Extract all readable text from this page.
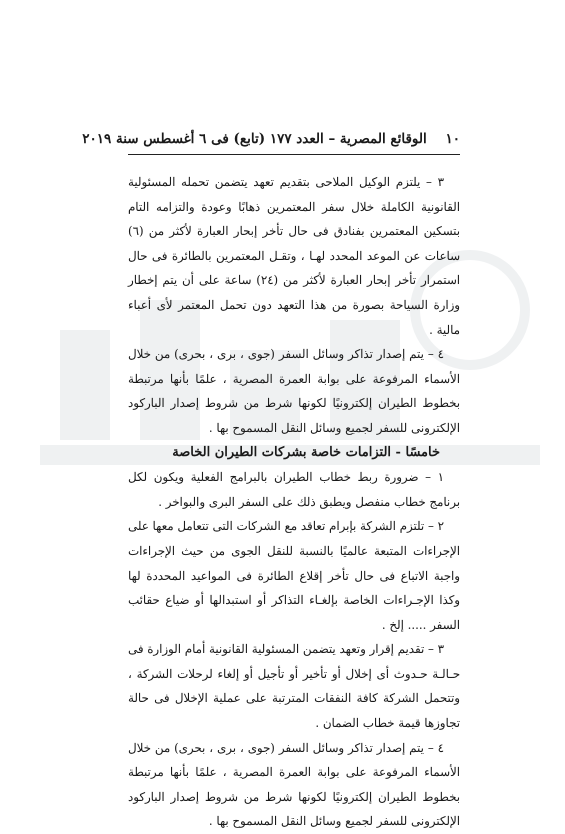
١٠ الوقائع المصرية – العدد ١٧٧ (تابع) فى ٦ أغسطس سنة ٢٠١٩

٣ – يلتزم الوكيل الملاحى بتقديم تعهد يتضمن تحمله المسئولية القانونية الكاملة خلال سفر المعتمرين ذهابًا وعودة والتزامه التام بتسكين المعتمرين بفنادق فى حال تأخر إبحار العبارة لأكثر من (٦) ساعات عن الموعد المحدد لهـا ، وتقـل المعتمرين بالطائرة فى حال استمرار تأخر إبحار العبارة لأكثر من (٢٤) ساعة على أن يتم إخطار وزارة السياحة بصورة من هذا التعهد دون تحمل المعتمر لأى أعباء مالية .

٤ – يتم إصدار تذاكر وسائل السفر (جوى ، برى ، بحرى) من خلال الأسماء المرفوعة على بوابة العمرة المصرية ، علمًا بأنها مرتبطة بخطوط الطيران إلكترونيًا لكونها شرط من شروط إصدار الباركود الإلكترونى للسفر لجميع وسائل النقل المسموح بها .

خامسًا - التزامات خاصة بشركات الطيران الخاصة

١ – ضرورة ربط خطاب الطيران بالبرامج الفعلية ويكون لكل برنامج خطاب منفصل ويطبق ذلك على السفر البرى والبواخر .

٢ – تلتزم الشركة بإبرام تعاقد مع الشركات التى تتعامل معها على الإجراءات المتبعة عالميًا بالنسبة للنقل الجوى من حيث الإجراءات واجبة الاتباع فى حال تأخر إقلاع الطائرة فى المواعيد المحددة لها وكذا الإجـراءات الخاصة بإلغـاء التذاكر أو استبدالها أو ضياع حقائب السفر ..... إلخ .

٣ – تقديم إقرار وتعهد يتضمن المسئولية القانونية أمام الوزارة فى حـالـة حـدوث أى إخلال أو تأخير أو تأجيل أو إلغاء لرحلات الشركة ، وتتحمل الشركة كافة النفقات المترتبة على عملية الإخلال فى حالة تجاوزها قيمة خطاب الضمان .

٤ – يتم إصدار تذاكر وسائل السفر (جوى ، برى ، بحرى) من خلال الأسماء المرفوعة على بوابة العمرة المصرية ، علمًا بأنها مرتبطة بخطوط الطيران إلكترونيًا لكونها شرط من شروط إصدار الباركود الإلكترونى للسفر لجميع وسائل النقل المسموح بها .
